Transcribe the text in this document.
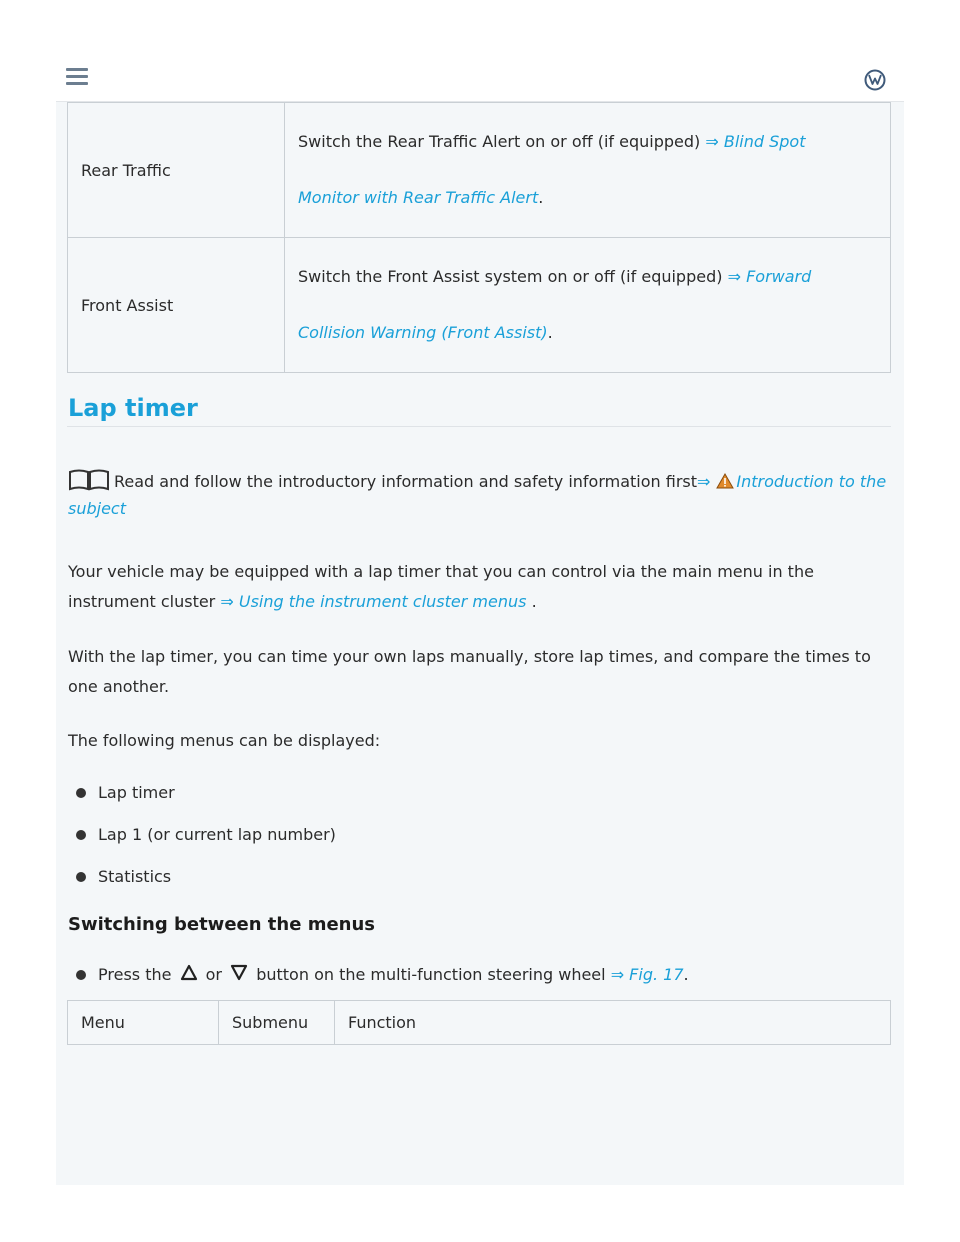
Rear Traffic	Switch the Rear Traffic Alert on or off (if equipped) ⇒ Blind Spot

Monitor with Rear Traffic Alert.
Front Assist	Switch the Front Assist system on or off (if equipped) ⇒ Forward

Collision Warning (Front Assist).
Lap timer
Read and follow the introductory information and safety information first⇒ Introduction to the
subject
Your vehicle may be equipped with a lap timer that you can control via the main menu in the
instrument cluster ⇒ Using the instrument cluster menus .
With the lap timer, you can time your own laps manually, store lap times, and compare the times to
one another.
The following menus can be displayed:
Lap timer
Lap 1 (or current lap number)
Statistics
Switching between the menus
Press the or button on the multi-function steering wheel ⇒ Fig. 17.
Menu	Submenu	Function
